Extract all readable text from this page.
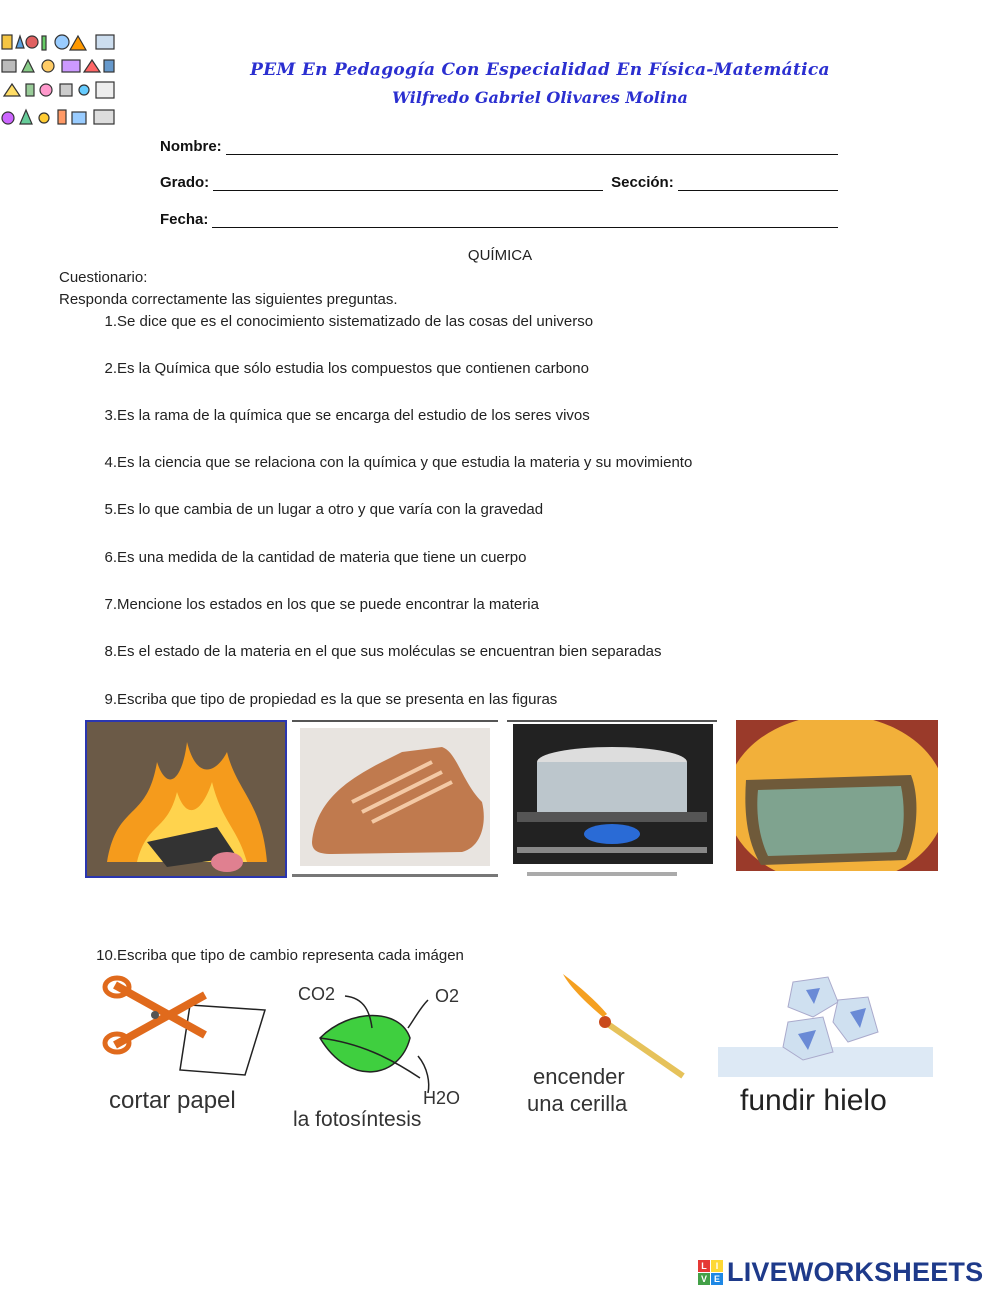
PEM En Pedagogía Con Especialidad En Física-Matemática
Wilfredo Gabriel Olivares Molina
Nombre:
Grado:	Sección:
Fecha:
QUÍMICA
Cuestionario:
Responda correctamente las siguientes preguntas.
1. Se dice que es el conocimiento sistematizado de las cosas del universo
2. Es la Química que sólo estudia los compuestos que contienen carbono
3. Es la rama de la química que se encarga del estudio de los seres vivos
4. Es la ciencia que se relaciona con la química y que estudia la materia y su movimiento
5. Es lo que cambia de un lugar a otro y que varía con la gravedad
6. Es una medida de la cantidad de materia que tiene un cuerpo
7. Mencione los estados en los que se puede encontrar la materia
8. Es el estado de la materia en el que sus moléculas se encuentran bien separadas
9. Escriba que tipo de propiedad es la que se presenta en las figuras
10. Escriba que tipo de cambio representa cada imágen
cortar papel
CO2	O2
H2O
la fotosíntesis
encender
una cerilla	fundir hielo
L I
V E LIVEWORKSHEETS
